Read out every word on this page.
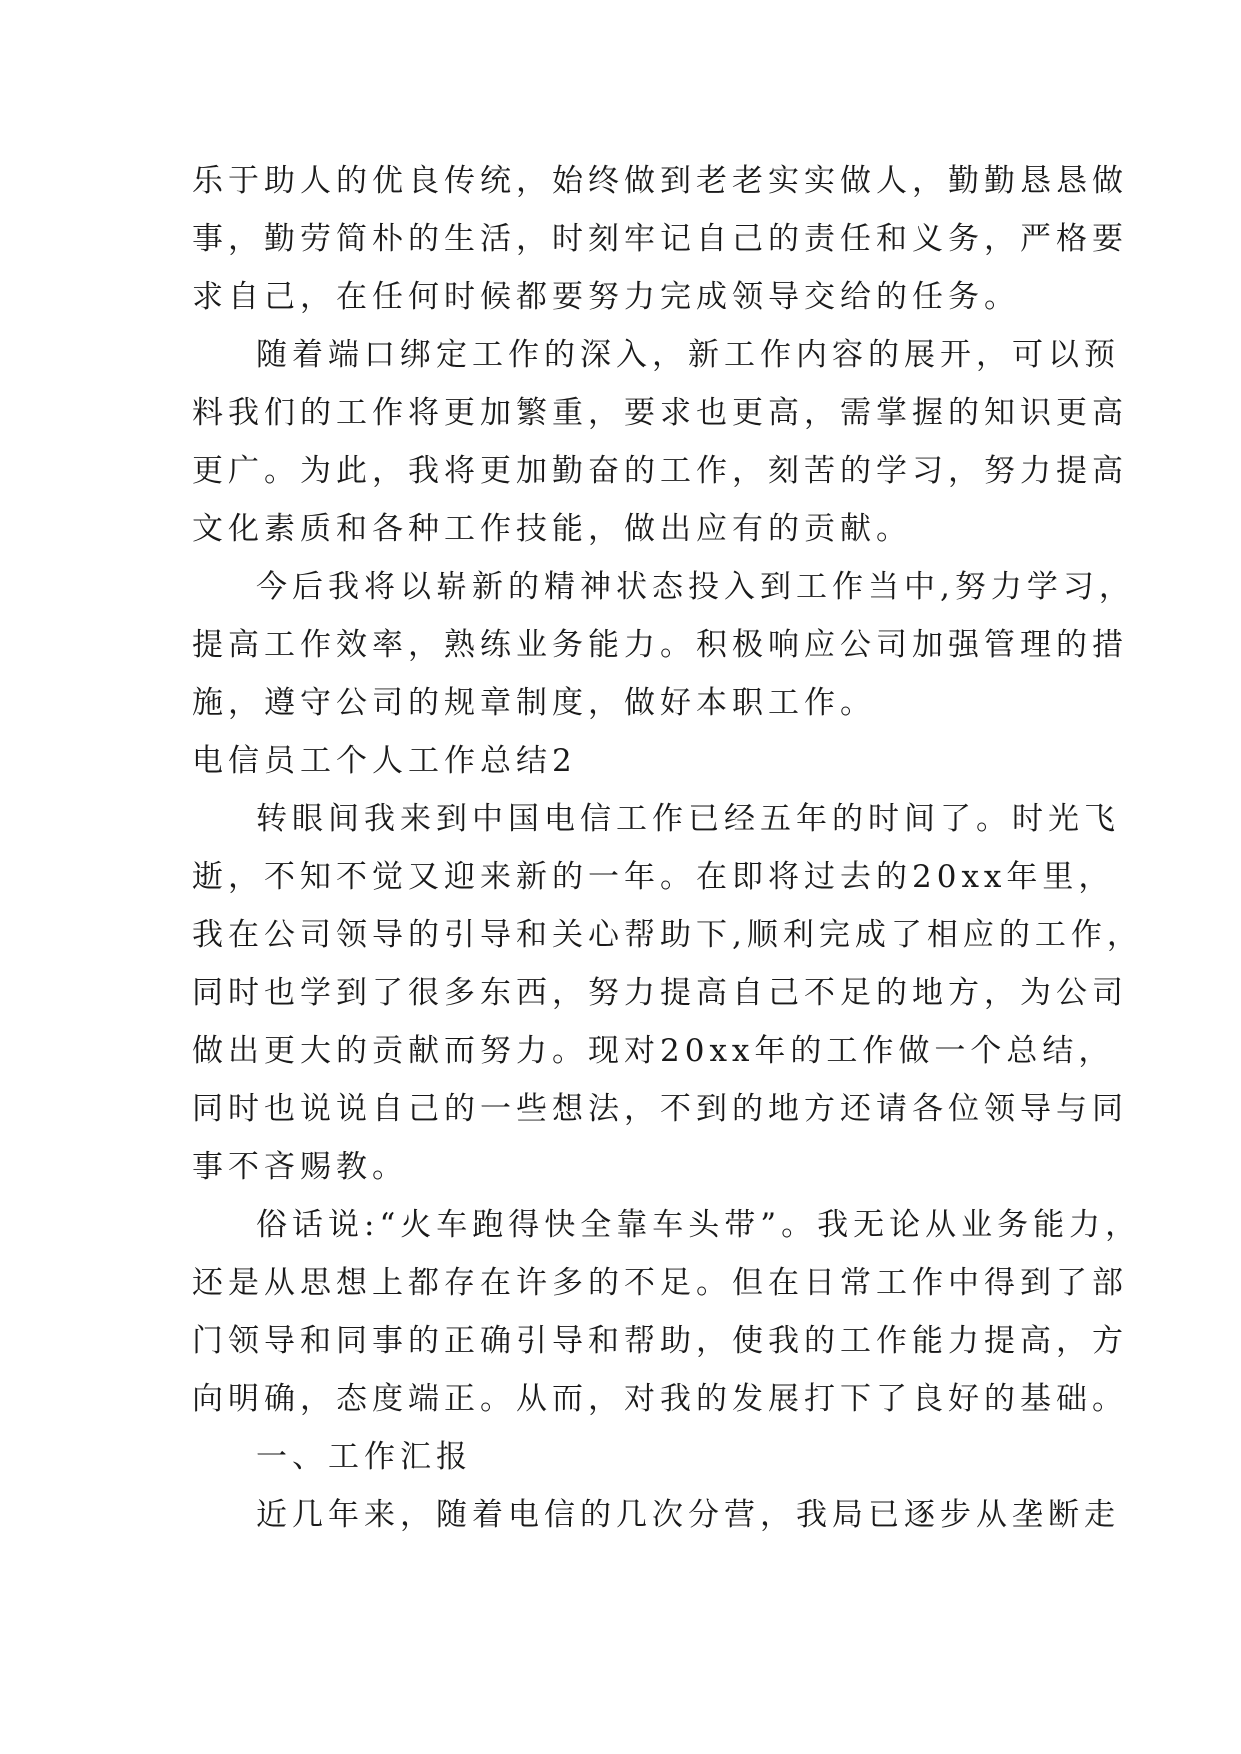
乐于助人的优良传统，始终做到老老实实做人，勤勤恳恳做
事，勤劳简朴的生活，时刻牢记自己的责任和义务，严格要
求自己，在任何时候都要努力完成领导交给的任务。
随着端口绑定工作的深入，新工作内容的展开，可以预
料我们的工作将更加繁重，要求也更高，需掌握的知识更高
更广。为此，我将更加勤奋的工作，刻苦的学习，努力提高
文化素质和各种工作技能，做出应有的贡献。
今后我将以崭新的精神状态投入到工作当中,努力学习，
提高工作效率，熟练业务能力。积极响应公司加强管理的措
施，遵守公司的规章制度，做好本职工作。
电信员工个人工作总结2
转眼间我来到中国电信工作已经五年的时间了。时光飞
逝，不知不觉又迎来新的一年。在即将过去的20xx年里，
我在公司领导的引导和关心帮助下,顺利完成了相应的工作，
同时也学到了很多东西，努力提高自己不足的地方，为公司
做出更大的贡献而努力。现对20xx年的工作做一个总结，
同时也说说自己的一些想法，不到的地方还请各位领导与同
事不吝赐教。
俗话说:“火车跑得快全靠车头带”。我无论从业务能力，
还是从思想上都存在许多的不足。但在日常工作中得到了部
门领导和同事的正确引导和帮助，使我的工作能力提高，方
向明确，态度端正。从而，对我的发展打下了良好的基础。
一、工作汇报
近几年来，随着电信的几次分营，我局已逐步从垄断走
